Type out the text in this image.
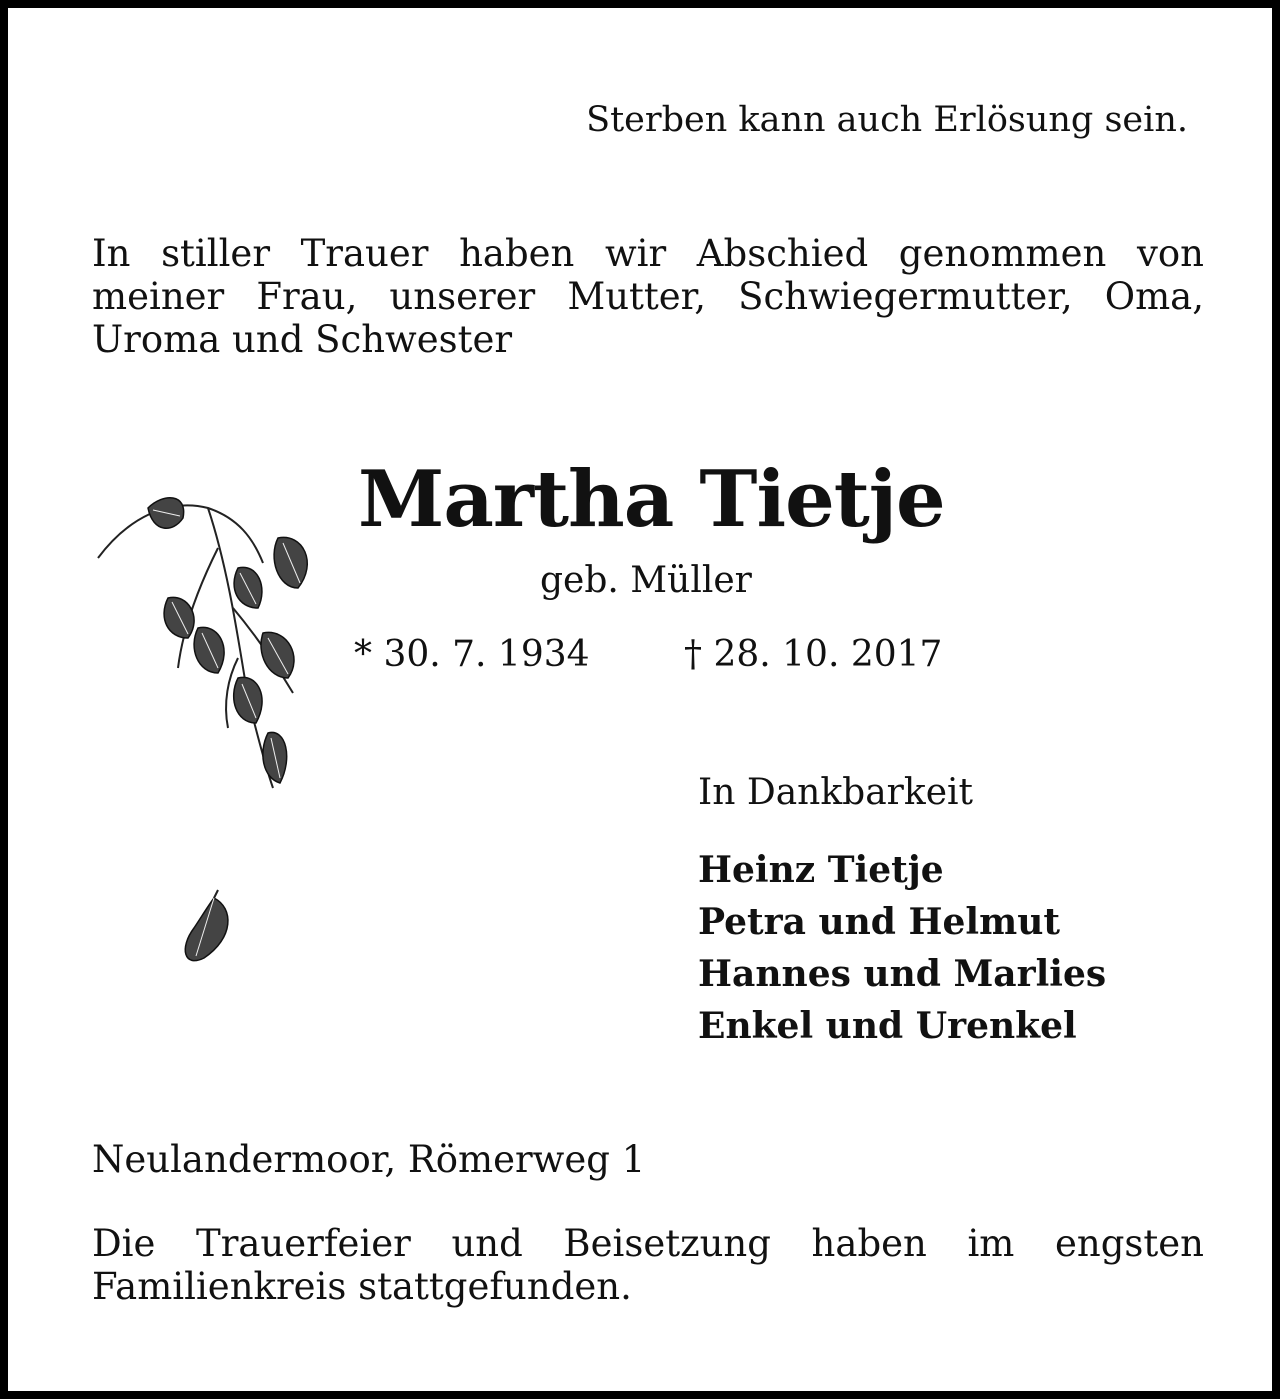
Sterben kann auch Erlösung sein.
In stiller Trauer haben wir Abschied genommen von meiner Frau, unserer Mutter, Schwiegermutter, Oma, Uroma und Schwester
Martha Tietje
geb. Müller
* 30. 7. 1934	† 28. 10. 2017
In Dankbarkeit
Heinz Tietje
Petra und Helmut
Hannes und Marlies
Enkel und Urenkel
Neulandermoor, Römerweg 1
Die Trauerfeier und Beisetzung haben im engsten Familienkreis stattgefunden.
